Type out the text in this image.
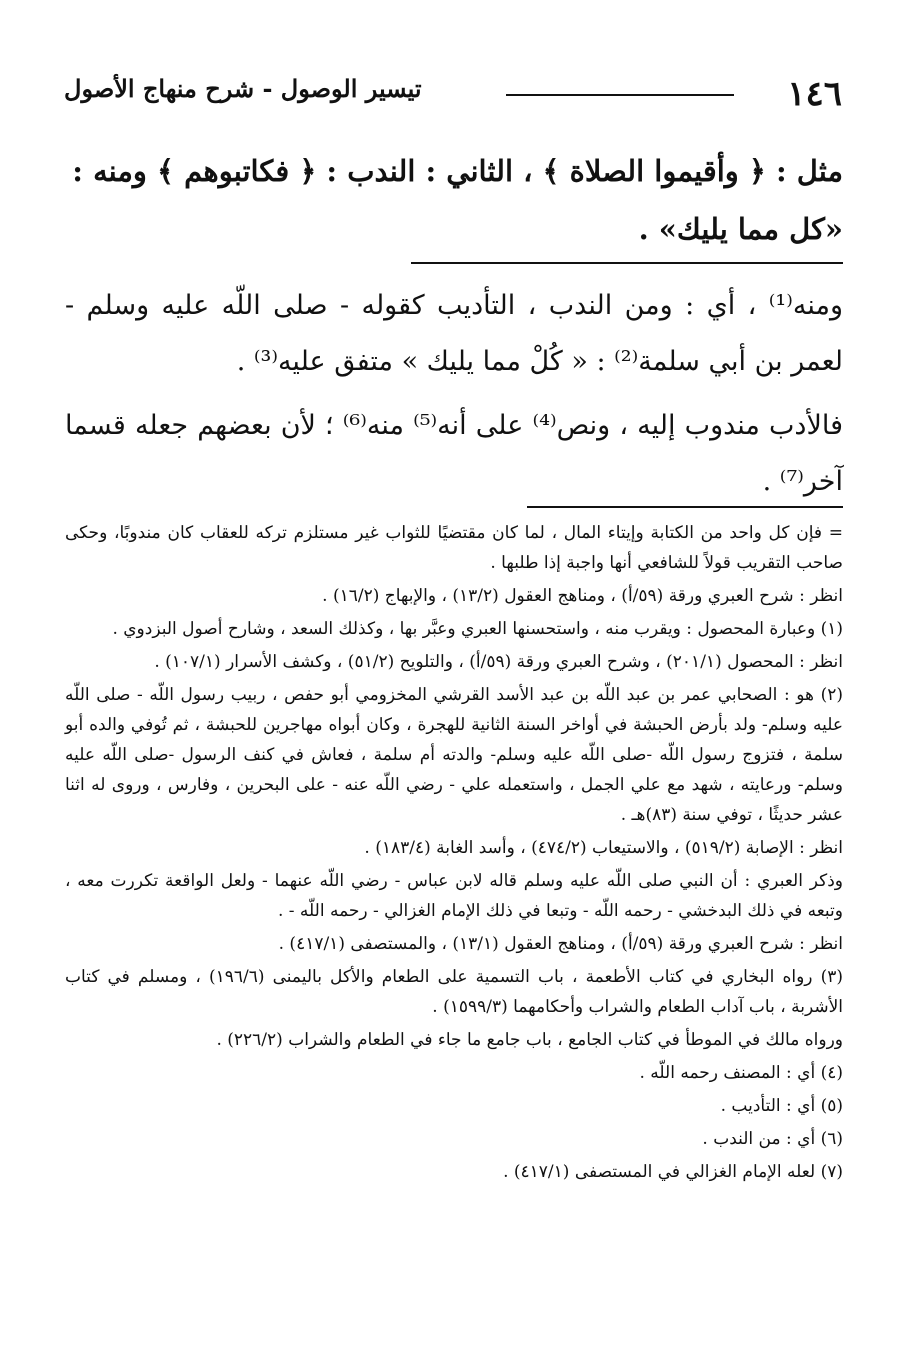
١٤٦
تيسير الوصول - شرح منهاج الأصول
مثل : ﴿ وأقيموا الصلاة ﴾ ، الثاني : الندب : ﴿ فكاتبوهم ﴾ ومنه :
«كل مما يليك» .
ومنه⁽¹⁾ ، أي : ومن الندب ، التأديب كقوله - صلى اللّه عليه وسلم - لعمر بن أبي سلمة⁽²⁾ : « كُلْ مما يليك » متفق عليه⁽³⁾ .
فالأدب مندوب إليه ، ونص⁽⁴⁾ على أنه⁽⁵⁾ منه⁽⁶⁾ ؛ لأن بعضهم جعله قسما آخر⁽⁷⁾ .

= فإن كل واحد من الكتابة وإيتاء المال ، لما كان مقتضيًا للثواب غير مستلزم تركه للعقاب كان مندوبًا، وحكى صاحب التقريب قولاً للشافعي أنها واجبة إذا طلبها .

انظر : شرح العبري ورقة (٥٩/أ) ، ومناهج العقول (١٣/٢) ، والإبهاج (١٦/٢) .

(١) وعبارة المحصول : ويقرب منه ، واستحسنها العبري وعبَّر بها ، وكذلك السعد ، وشارح أصول البزدوي .

انظر : المحصول (٢٠١/١) ، وشرح العبري ورقة (٥٩/أ) ، والتلويح (٥١/٢) ، وكشف الأسرار (١٠٧/١) .

(٢) هو : الصحابي عمر بن عبد اللّه بن عبد الأسد القرشي المخزومي أبو حفص ، ربيب رسول اللّه - صلى اللّه عليه وسلم- ولد بأرض الحبشة في أواخر السنة الثانية للهجرة ، وكان أبواه مهاجرين للحبشة ، ثم تُوفي والده أبو سلمة ، فتزوج رسول اللّه -صلى اللّه عليه وسلم- والدته أم سلمة ، فعاش في كنف الرسول -صلى اللّه عليه وسلم- ورعايته ، شهد مع علي الجمل ، واستعمله علي - رضي اللّه عنه - على البحرين ، وفارس ، وروى له اثنا عشر حديثًا ، توفي سنة (٨٣)هـ .

انظر : الإصابة (٥١٩/٢) ، والاستيعاب (٤٧٤/٢) ، وأسد الغابة (١٨٣/٤) .

وذكر العبري : أن النبي صلى اللّه عليه وسلم قاله لابن عباس - رضي اللّه عنهما - ولعل الواقعة تكررت معه ، وتبعه في ذلك البدخشي - رحمه اللّه - وتبعا في ذلك الإمام الغزالي - رحمه اللّه - .

انظر : شرح العبري ورقة (٥٩/أ) ، ومناهج العقول (١٣/١) ، والمستصفى (٤١٧/١) .

(٣) رواه البخاري في كتاب الأطعمة ، باب التسمية على الطعام والأكل باليمنى (١٩٦/٦) ، ومسلم في كتاب الأشربة ، باب آداب الطعام والشراب وأحكامهما (١٥٩٩/٣) .

ورواه مالك في الموطأ في كتاب الجامع ، باب جامع ما جاء في الطعام والشراب (٢٢٦/٢) .

(٤) أي : المصنف رحمه اللّه .

(٥) أي : التأديب .

(٦) أي : من الندب .

(٧) لعله الإمام الغزالي في المستصفى (٤١٧/١) .
